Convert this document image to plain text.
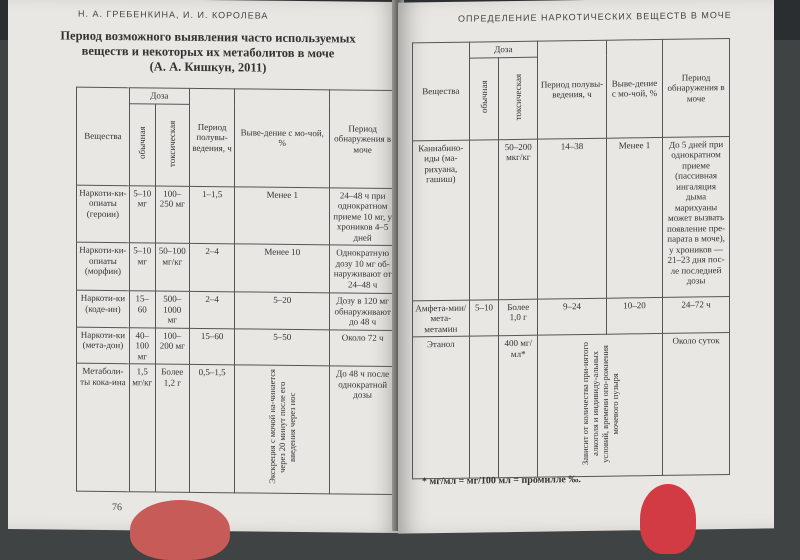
Н. А. ГРЕБЕНКИНА, И. И. КОРОЛЕВА
Период возможного выявления часто используемых
веществ и некоторых их метаболитов в моче
(А. А. Кишкун, 2011)
Вещества	Доза		Период полувы-ведения, ч	Выве-дение с мо-чой, %	Период обнаружения в моче
	обычная	токсическая			
Наркоти-ки-опиаты (героин)	5–10 мг	100–250 мг	1–1,5	Менее 1	24–48 ч при однократном приеме 10 мг, у хроников 4–5 дней
Наркоти-ки-опиаты (морфин)	5–10 мг	50–100 мг/кг	2–4	Менее 10	Однократную дозу 10 мг об-наруживают от 24–48 ч
Наркоти-ки (коде-ин)	15–60	500–1000 мг	2–4	5–20	Дозу в 120 мг обнаруживают до 48 ч
Наркоти-ки (мета-дон)	40–100 мг	100–200 мг	15–60	5–50	Около 72 ч
Метаболи-ты кока-ина	1,5 мг/кг	Более 1,2 г	0,5–1,5	Экскреция с мочой на-чинается через 20 минут после его введения через нос	До 48 ч после однократной дозы
76
ОПРЕДЕЛЕНИЕ НАРКОТИЧЕСКИХ ВЕЩЕСТВ В МОЧЕ
Вещества	Доза		Период полувы-ведения, ч	Выве-дение с мо-чой, %	Период обнаружения в моче
	обычная	токсическая			
Каннабино-иды (ма-рихуана, гашиш)		50–200 мкг/кг	14–38	Менее 1	До 5 дней при однократном приеме (пассивная ингаляция дыма марихуаны может вызвать появление пре-парата в моче), у хроников — 21–23 дня пос-ле последней дозы
Амфета-мин/мета-метамин	5–10	Более 1,0 г	9–24	10–20	24–72 ч
Этанол		400 мг/мл*	Зависит от количества при-нятого алкоголя и индивиду-альных условий, времени опо-рожнения мочевого пузыря		Около суток
* мг/мл = мг/100 мл = промилле ‰.
